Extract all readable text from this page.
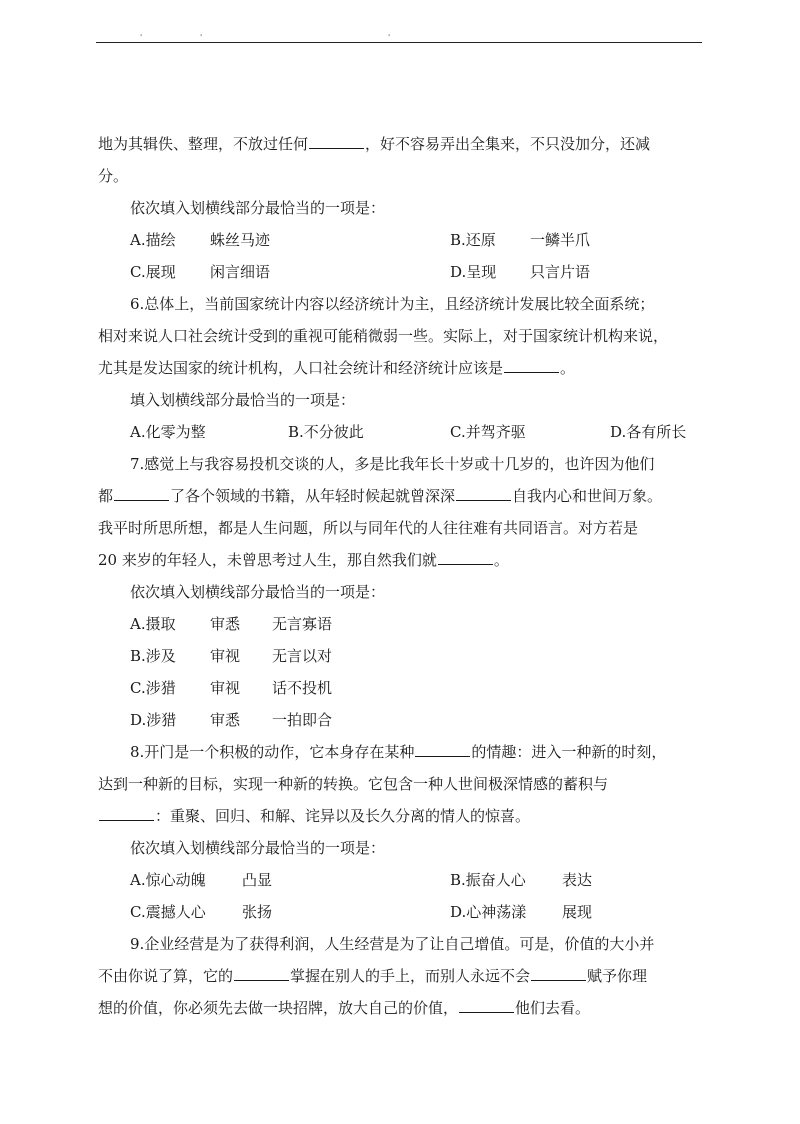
'	'	'

地为其辑佚、整理，不放过任何	，好不容易弄出全集来，不只没加分，还减

分。

依次填入划横线部分最恰当的一项是：

A.描绘 蛛丝马迹	B.还原 一鳞半爪
C.展现 闲言细语	D.呈现 只言片语

6.总体上，当前国家统计内容以经济统计为主，且经济统计发展比较全面系统；

相对来说人口社会统计受到的重视可能稍微弱一些。实际上，对于国家统计机构来说，

尤其是发达国家的统计机构，人口社会统计和经济统计应该是	。

填入划横线部分最恰当的一项是：

A.化零为整	B.不分彼此	C.并驾齐驱	D.各有所长

7.感觉上与我容易投机交谈的人，多是比我年长十岁或十几岁的，也许因为他们

都	了各个领域的书籍，从年轻时候起就曾深深	自我内心和世间万象。

我平时所思所想，都是人生问题，所以与同年代的人往往难有共同语言。对方若是

20 来岁的年轻人，未曾思考过人生，那自然我们就	。

依次填入划横线部分最恰当的一项是：

A.摄取 审悉 无言寡语
B.涉及 审视 无言以对
C.涉猎 审视 话不投机
D.涉猎 审悉 一拍即合

8.开门是一个积极的动作，它本身存在某种	的情趣：进入一种新的时刻，

达到一种新的目标，实现一种新的转换。它包含一种人世间极深情感的蓄积与

：重聚、回归、和解、诧异以及长久分离的情人的惊喜。

依次填入划横线部分最恰当的一项是：

A.惊心动魄 凸显	B.振奋人心 表达
C.震撼人心 张扬	D.心神荡漾 展现

9.企业经营是为了获得利润，人生经营是为了让自己增值。可是，价值的大小并

不由你说了算，它的	掌握在别人的手上，而别人永远不会	赋予你理

想的价值，你必须先去做一块招牌，放大自己的价值，	他们去看。
